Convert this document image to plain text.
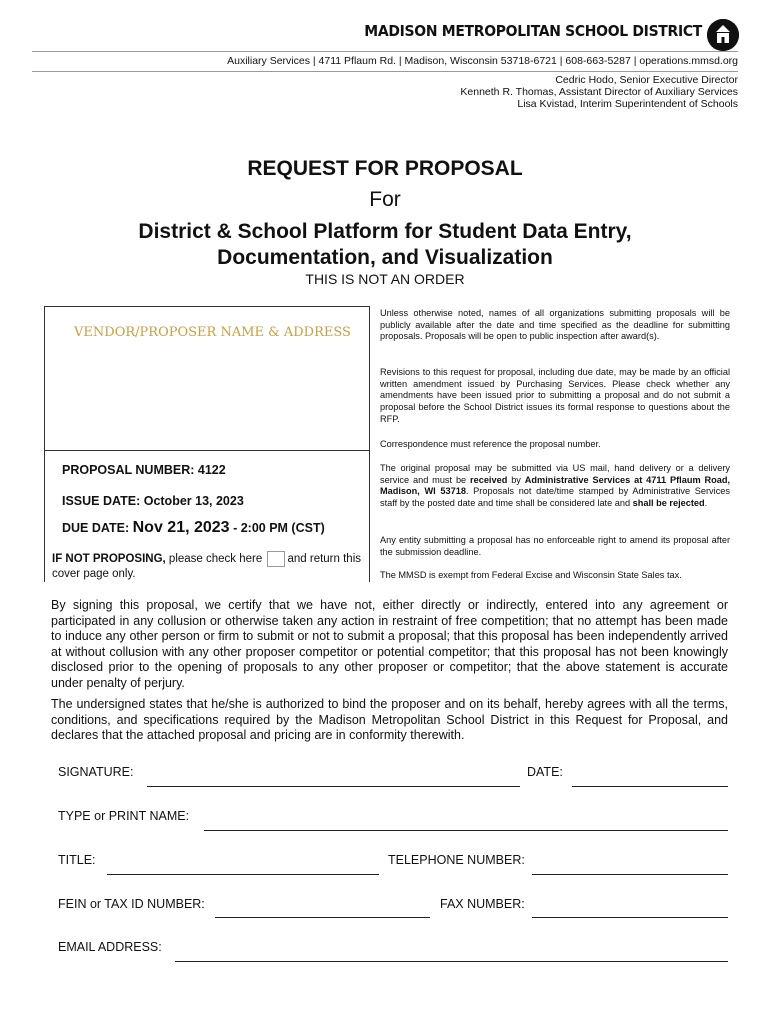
MADISON METROPOLITAN SCHOOL DISTRICT
Auxiliary Services | 4711 Pflaum Rd. | Madison, Wisconsin 53718-6721 | 608-663-5287 | operations.mmsd.org
Cedric Hodo, Senior Executive Director
Kenneth R. Thomas, Assistant Director of Auxiliary Services
Lisa Kvistad, Interim Superintendent of Schools
REQUEST FOR PROPOSAL
For
District & School Platform for Student Data Entry,
Documentation, and Visualization
THIS IS NOT AN ORDER
VENDOR/PROPOSER NAME & ADDRESS
PROPOSAL NUMBER: 4122
ISSUE DATE: October 13, 2023
DUE DATE: Nov 21, 2023 - 2:00 PM (CST)
IF NOT PROPOSING, please check here and return this
cover page only.
Unless otherwise noted, names of all organizations submitting proposals will be publicly available after the date and time specified as the deadline for submitting proposals. Proposals will be open to public inspection after award(s).
Revisions to this request for proposal, including due date, may be made by an official written amendment issued by Purchasing Services. Please check whether any amendments have been issued prior to submitting a proposal and do not submit a proposal before the School District issues its formal response to questions about the RFP.
Correspondence must reference the proposal number.
The original proposal may be submitted via US mail, hand delivery or a delivery service and must be received by Administrative Services at 4711 Pflaum Road, Madison, WI 53718. Proposals not date/time stamped by Administrative Services staff by the posted date and time shall be considered late and shall be rejected.
Any entity submitting a proposal has no enforceable right to amend its proposal after the submission deadline.
The MMSD is exempt from Federal Excise and Wisconsin State Sales tax.
By signing this proposal, we certify that we have not, either directly or indirectly, entered into any agreement or participated in any collusion or otherwise taken any action in restraint of free competition; that no attempt has been made to induce any other person or firm to submit or not to submit a proposal; that this proposal has been independently arrived at without collusion with any other proposer competitor or potential competitor; that this proposal has not been knowingly disclosed prior to the opening of proposals to any other proposer or competitor; that the above statement is accurate under penalty of perjury.
The undersigned states that he/she is authorized to bind the proposer and on its behalf, hereby agrees with all the terms, conditions, and specifications required by the Madison Metropolitan School District in this Request for Proposal, and declares that the attached proposal and pricing are in conformity therewith.
SIGNATURE:	DATE:
TYPE or PRINT NAME:
TITLE:	TELEPHONE NUMBER:
FEIN or TAX ID NUMBER:	FAX NUMBER:
EMAIL ADDRESS:
